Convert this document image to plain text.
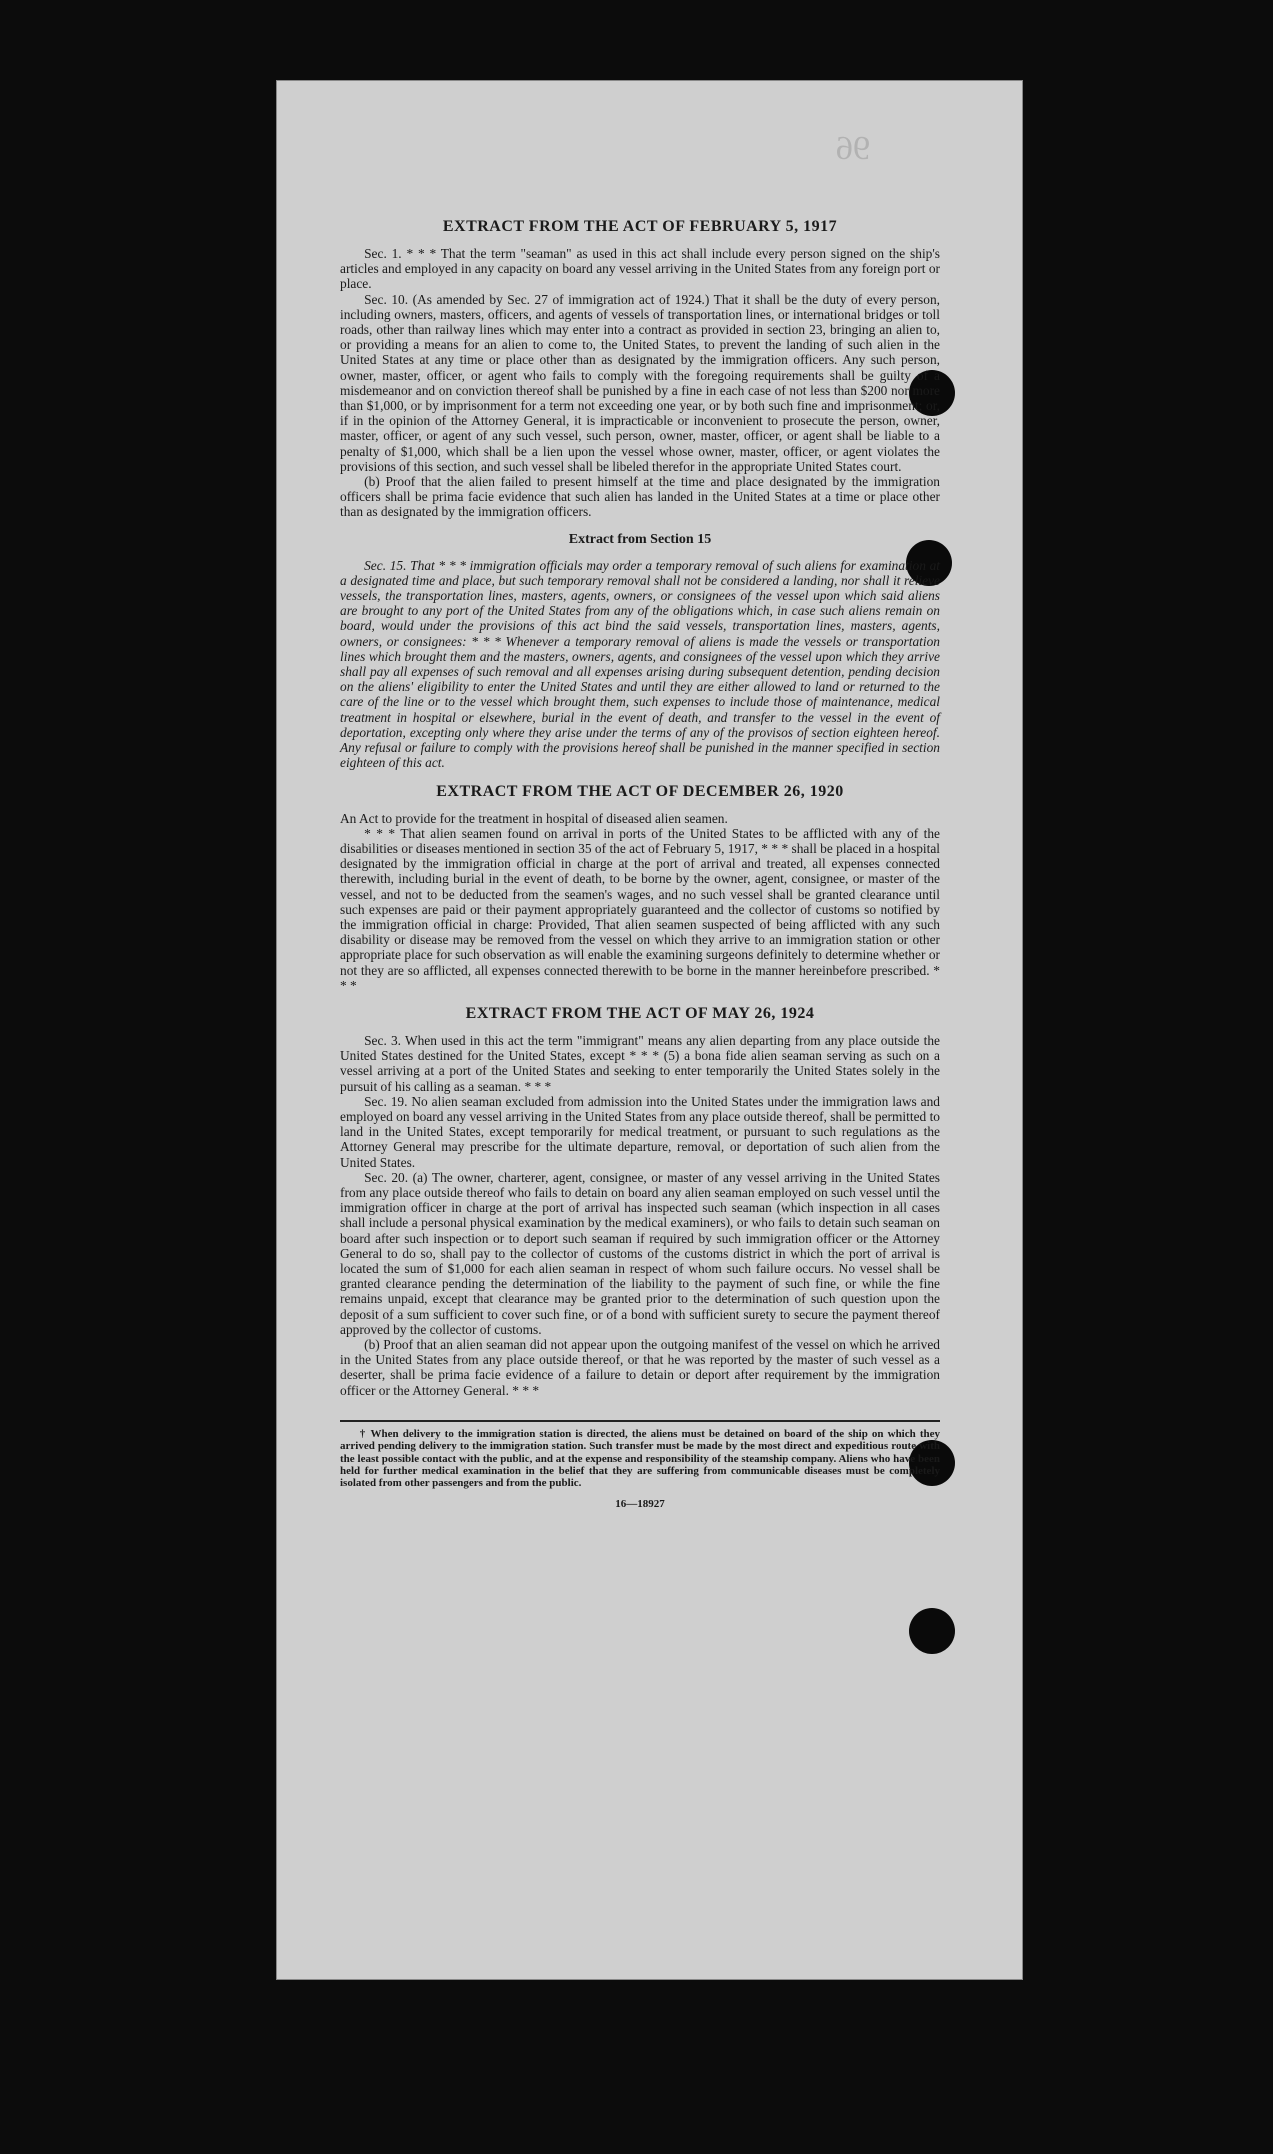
96
EXTRACT FROM THE ACT OF FEBRUARY 5, 1917

Sec. 1. * * * That the term "seaman" as used in this act shall include every person signed on the ship's articles and employed in any capacity on board any vessel arriving in the United States from any foreign port or place.

Sec. 10. (As amended by Sec. 27 of immigration act of 1924.) That it shall be the duty of every person, including owners, masters, officers, and agents of vessels of transportation lines, or international bridges or toll roads, other than railway lines which may enter into a contract as provided in section 23, bringing an alien to, or providing a means for an alien to come to, the United States, to prevent the landing of such alien in the United States at any time or place other than as designated by the immigration officers. Any such person, owner, master, officer, or agent who fails to comply with the foregoing requirements shall be guilty of a misdemeanor and on conviction thereof shall be punished by a fine in each case of not less than $200 nor more than $1,000, or by imprisonment for a term not exceeding one year, or by both such fine and imprisonment; or, if in the opinion of the Attorney General, it is impracticable or inconvenient to prosecute the person, owner, master, officer, or agent of any such vessel, such person, owner, master, officer, or agent shall be liable to a penalty of $1,000, which shall be a lien upon the vessel whose owner, master, officer, or agent violates the provisions of this section, and such vessel shall be libeled therefor in the appropriate United States court.

(b) Proof that the alien failed to present himself at the time and place designated by the immigration officers shall be prima facie evidence that such alien has landed in the United States at a time or place other than as designated by the immigration officers.

Extract from Section 15

Sec. 15. That * * * immigration officials may order a temporary removal of such aliens for examination at a designated time and place, but such temporary removal shall not be considered a landing, nor shall it relieve vessels, the transportation lines, masters, agents, owners, or consignees of the vessel upon which said aliens are brought to any port of the United States from any of the obligations which, in case such aliens remain on board, would under the provisions of this act bind the said vessels, transportation lines, masters, agents, owners, or consignees: * * * Whenever a temporary removal of aliens is made the vessels or transportation lines which brought them and the masters, owners, agents, and consignees of the vessel upon which they arrive shall pay all expenses of such removal and all expenses arising during subsequent detention, pending decision on the aliens' eligibility to enter the United States and until they are either allowed to land or returned to the care of the line or to the vessel which brought them, such expenses to include those of maintenance, medical treatment in hospital or elsewhere, burial in the event of death, and transfer to the vessel in the event of deportation, excepting only where they arise under the terms of any of the provisos of section eighteen hereof. Any refusal or failure to comply with the provisions hereof shall be punished in the manner specified in section eighteen of this act.

EXTRACT FROM THE ACT OF DECEMBER 26, 1920

An Act to provide for the treatment in hospital of diseased alien seamen.

* * * That alien seamen found on arrival in ports of the United States to be afflicted with any of the disabilities or diseases mentioned in section 35 of the act of February 5, 1917, * * * shall be placed in a hospital designated by the immigration official in charge at the port of arrival and treated, all expenses connected therewith, including burial in the event of death, to be borne by the owner, agent, consignee, or master of the vessel, and not to be deducted from the seamen's wages, and no such vessel shall be granted clearance until such expenses are paid or their payment appropriately guaranteed and the collector of customs so notified by the immigration official in charge: Provided, That alien seamen suspected of being afflicted with any such disability or disease may be removed from the vessel on which they arrive to an immigration station or other appropriate place for such observation as will enable the examining surgeons definitely to determine whether or not they are so afflicted, all expenses connected therewith to be borne in the manner hereinbefore prescribed. * * *

EXTRACT FROM THE ACT OF MAY 26, 1924

Sec. 3. When used in this act the term "immigrant" means any alien departing from any place outside the United States destined for the United States, except * * * (5) a bona fide alien seaman serving as such on a vessel arriving at a port of the United States and seeking to enter temporarily the United States solely in the pursuit of his calling as a seaman. * * *

Sec. 19. No alien seaman excluded from admission into the United States under the immigration laws and employed on board any vessel arriving in the United States from any place outside thereof, shall be permitted to land in the United States, except temporarily for medical treatment, or pursuant to such regulations as the Attorney General may prescribe for the ultimate departure, removal, or deportation of such alien from the United States.

Sec. 20. (a) The owner, charterer, agent, consignee, or master of any vessel arriving in the United States from any place outside thereof who fails to detain on board any alien seaman employed on such vessel until the immigration officer in charge at the port of arrival has inspected such seaman (which inspection in all cases shall include a personal physical examination by the medical examiners), or who fails to detain such seaman on board after such inspection or to deport such seaman if required by such immigration officer or the Attorney General to do so, shall pay to the collector of customs of the customs district in which the port of arrival is located the sum of $1,000 for each alien seaman in respect of whom such failure occurs. No vessel shall be granted clearance pending the determination of the liability to the payment of such fine, or while the fine remains unpaid, except that clearance may be granted prior to the determination of such question upon the deposit of a sum sufficient to cover such fine, or of a bond with sufficient surety to secure the payment thereof approved by the collector of customs.

(b) Proof that an alien seaman did not appear upon the outgoing manifest of the vessel on which he arrived in the United States from any place outside thereof, or that he was reported by the master of such vessel as a deserter, shall be prima facie evidence of a failure to detain or deport after requirement by the immigration officer or the Attorney General. * * *

† When delivery to the immigration station is directed, the aliens must be detained on board of the ship on which they arrived pending delivery to the immigration station. Such transfer must be made by the most direct and expeditious route with the least possible contact with the public, and at the expense and responsibility of the steamship company. Aliens who have been held for further medical examination in the belief that they are suffering from communicable diseases must be completely isolated from other passengers and from the public.

16—18927
